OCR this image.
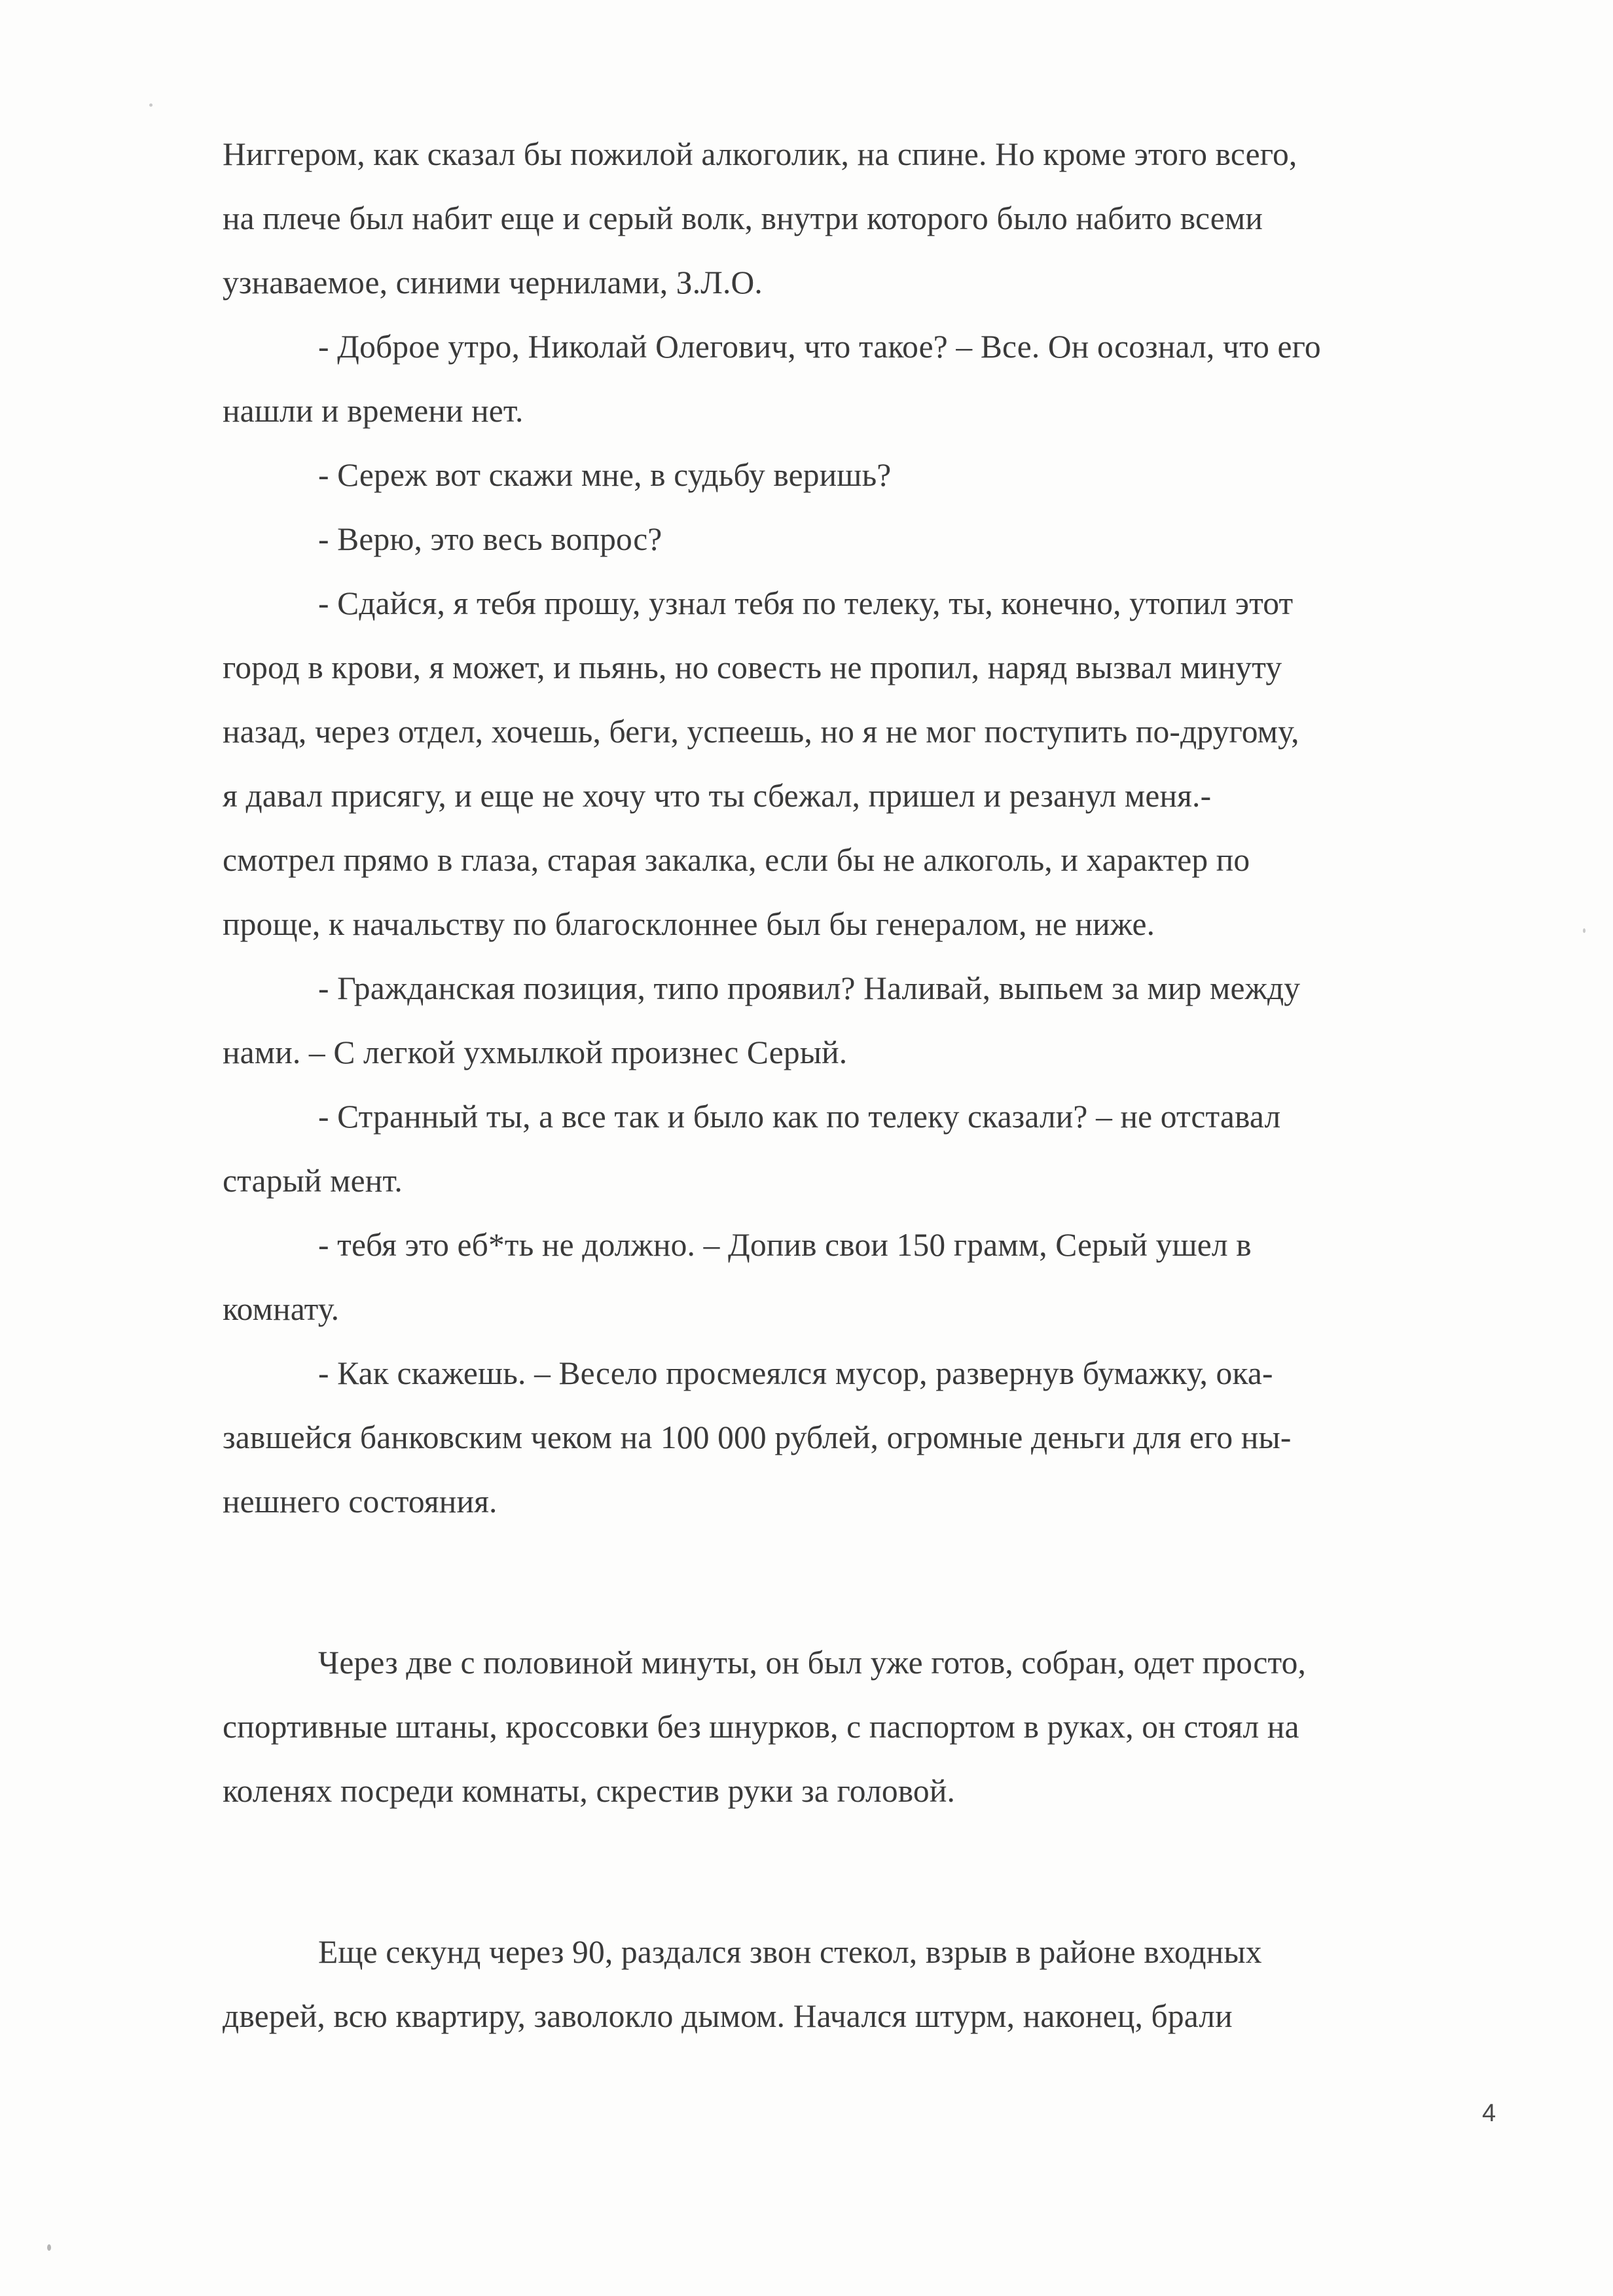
Ниггером, как сказал бы пожилой алкоголик, на спине. Но кроме этого всего,
на плече был набит еще и серый волк, внутри которого было набито всеми
узнаваемое, синими чернилами, З.Л.О.
- Доброе утро, Николай Олегович, что такое? – Все. Он осознал, что его
нашли и времени нет.
- Сереж вот скажи мне, в судьбу веришь?
- Верю, это весь вопрос?
- Сдайся, я тебя прошу, узнал тебя по телеку, ты, конечно, утопил этот
город в крови, я может, и пьянь, но совесть не пропил, наряд вызвал минуту
назад, через отдел, хочешь, беги, успеешь, но я не мог поступить по-другому,
я давал присягу, и еще не хочу что ты сбежал, пришел и резанул меня.-
смотрел прямо в глаза, старая закалка, если бы не алкоголь, и характер по
проще, к начальству по благосклоннее был бы генералом, не ниже.
- Гражданская позиция, типо проявил? Наливай, выпьем за мир между
нами. – С легкой ухмылкой произнес Серый.
- Странный ты, а все так и было как по телеку сказали? – не отставал
старый мент.
- тебя это еб*ть не должно. – Допив свои 150 грамм, Серый ушел в
комнату.
- Как скажешь. – Весело просмеялся мусор, развернув бумажку, ока-
завшейся банковским чеком на 100 000 рублей, огромные деньги для его ны-
нешнего состояния.
Через две с половиной минуты, он был уже готов, собран, одет просто,
спортивные штаны, кроссовки без шнурков, с паспортом в руках, он стоял на
коленях посреди комнаты, скрестив руки за головой.
Еще секунд через 90, раздался звон стекол, взрыв в районе входных
дверей, всю квартиру, заволокло дымом. Начался штурм, наконец, брали
4
